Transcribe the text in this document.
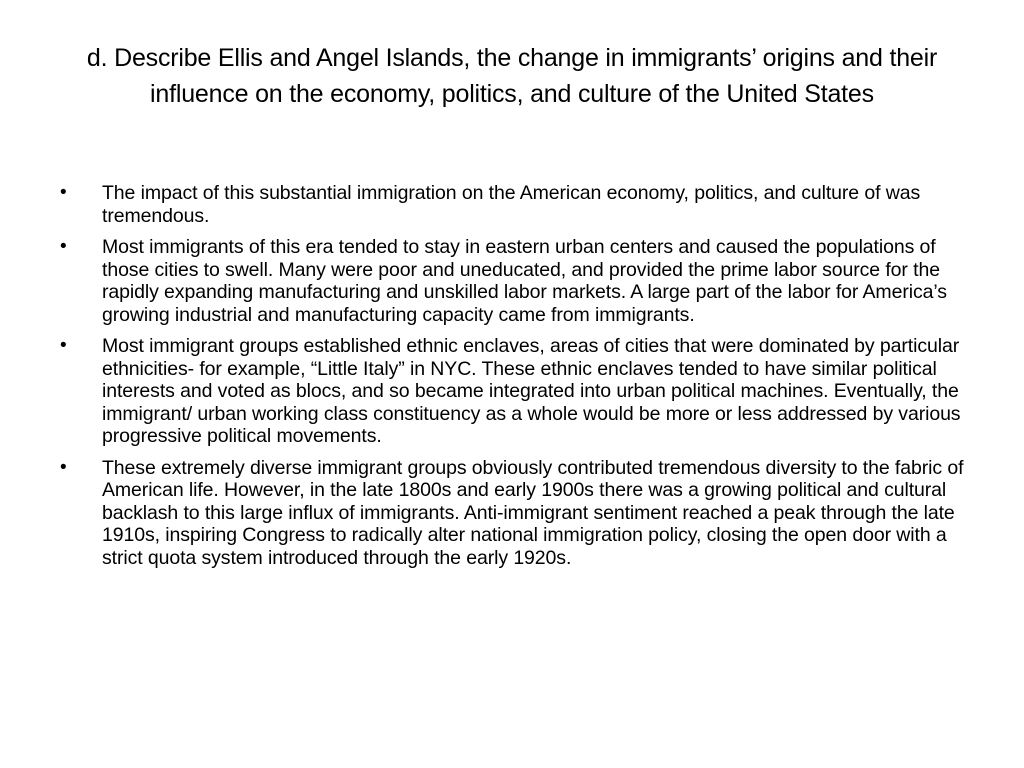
d. Describe Ellis and Angel Islands, the change in immigrants’ origins and their influence on the economy, politics, and culture of the United States
•	The impact of this substantial immigration on the American economy, politics, and culture of was tremendous.
•	Most immigrants of this era tended to stay in eastern urban centers and caused the populations of those cities to swell. Many were poor and uneducated, and provided the prime labor source for the rapidly expanding manufacturing and unskilled labor markets. A large part of the labor for America’s growing industrial and manufacturing capacity came from immigrants.
•	Most immigrant groups established ethnic enclaves, areas of cities that were dominated by particular ethnicities- for example, “Little Italy” in NYC. These ethnic enclaves tended to have similar political interests and voted as blocs, and so became integrated into urban political machines. Eventually, the immigrant/ urban working class constituency as a whole would be more or less addressed by various progressive political movements.
•	These extremely diverse immigrant groups obviously contributed tremendous diversity to the fabric of American life. However, in the late 1800s and early 1900s there was a growing political and cultural backlash to this large influx of immigrants. Anti-immigrant sentiment reached a peak through the late 1910s, inspiring Congress to radically alter national immigration policy, closing the open door with a strict quota system introduced through the early 1920s.
